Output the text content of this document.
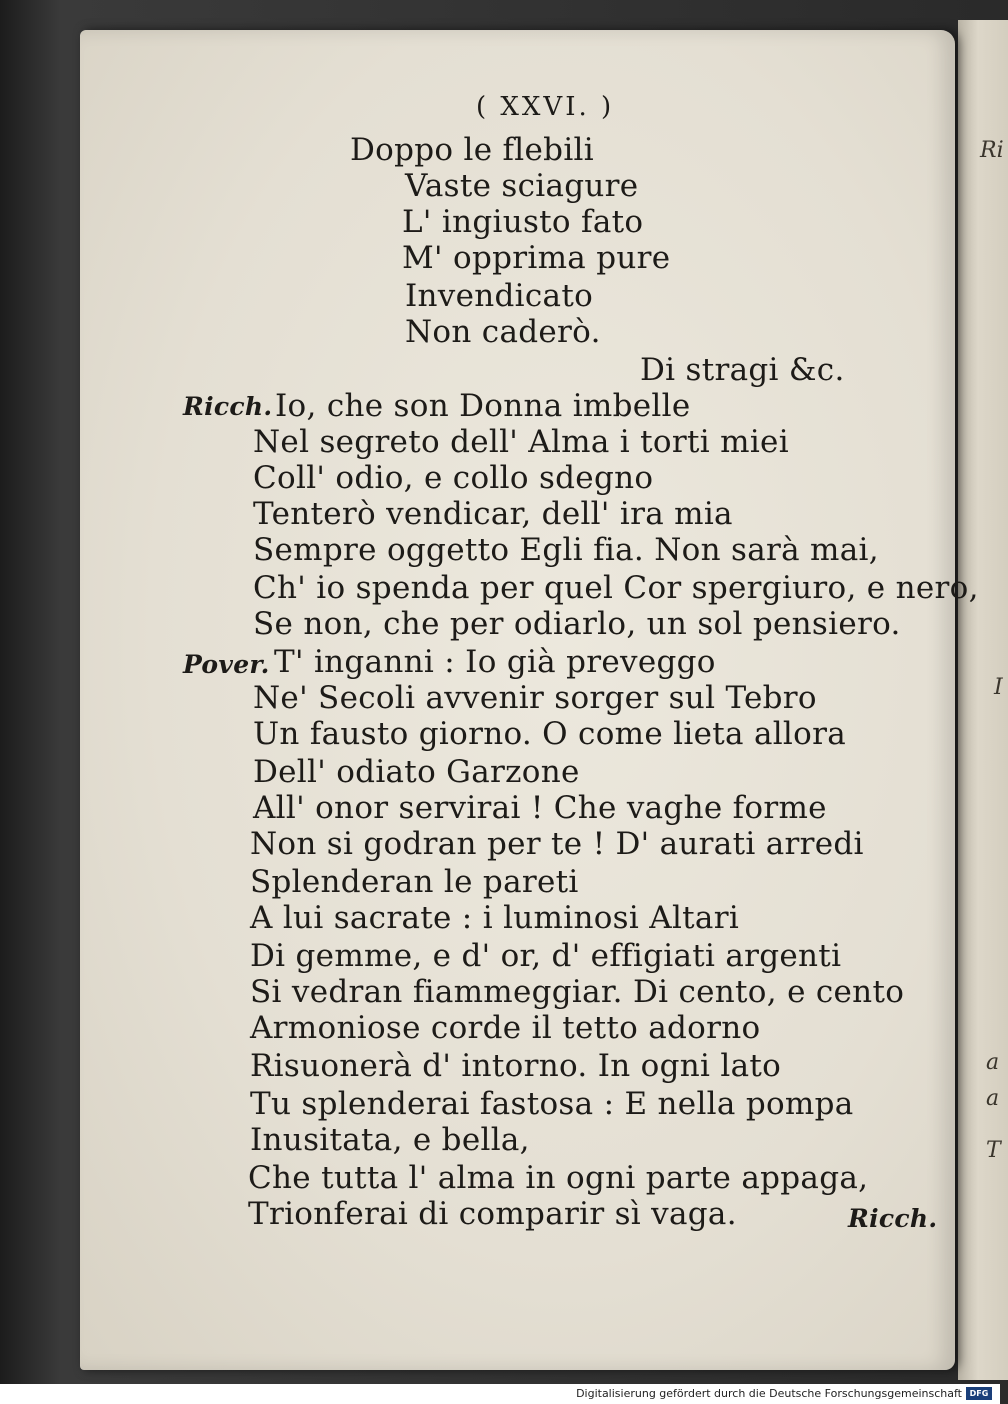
Ri
I
a
a
T
( XXVI. )
Doppo le flebili
Vaste sciagure
L' ingiusto fato
M' opprima pure
Invendicato
Non caderò.
Di stragi &c.
Ricch. Io, che son Donna imbelle
Nel segreto dell' Alma i torti miei
Coll' odio, e collo sdegno
Tenterò vendicar, dell' ira mia
Sempre oggetto Egli fia. Non sarà mai,
Ch' io spenda per quel Cor spergiuro, e nero,
Se non, che per odiarlo, un sol pensiero.
Pover. T' inganni : Io già preveggo
Ne' Secoli avvenir sorger sul Tebro
Un fausto giorno. O come lieta allora
Dell' odiato Garzone
All' onor servirai ! Che vaghe forme
Non si godran per te ! D' aurati arredi
Splenderan le pareti
A lui sacrate : i luminosi Altari
Di gemme, e d' or, d' effigiati argenti
Si vedran fiammeggiar. Di cento, e cento
Armoniose corde il tetto adorno
Risuonerà d' intorno. In ogni lato
Tu splenderai fastosa : E nella pompa
Inusitata, e bella,
Che tutta l' alma in ogni parte appaga,
Trionferai di comparir sì vaga.	Ricch.
Digitalisierung gefördert durch die Deutsche Forschungsgemeinschaft DFG
